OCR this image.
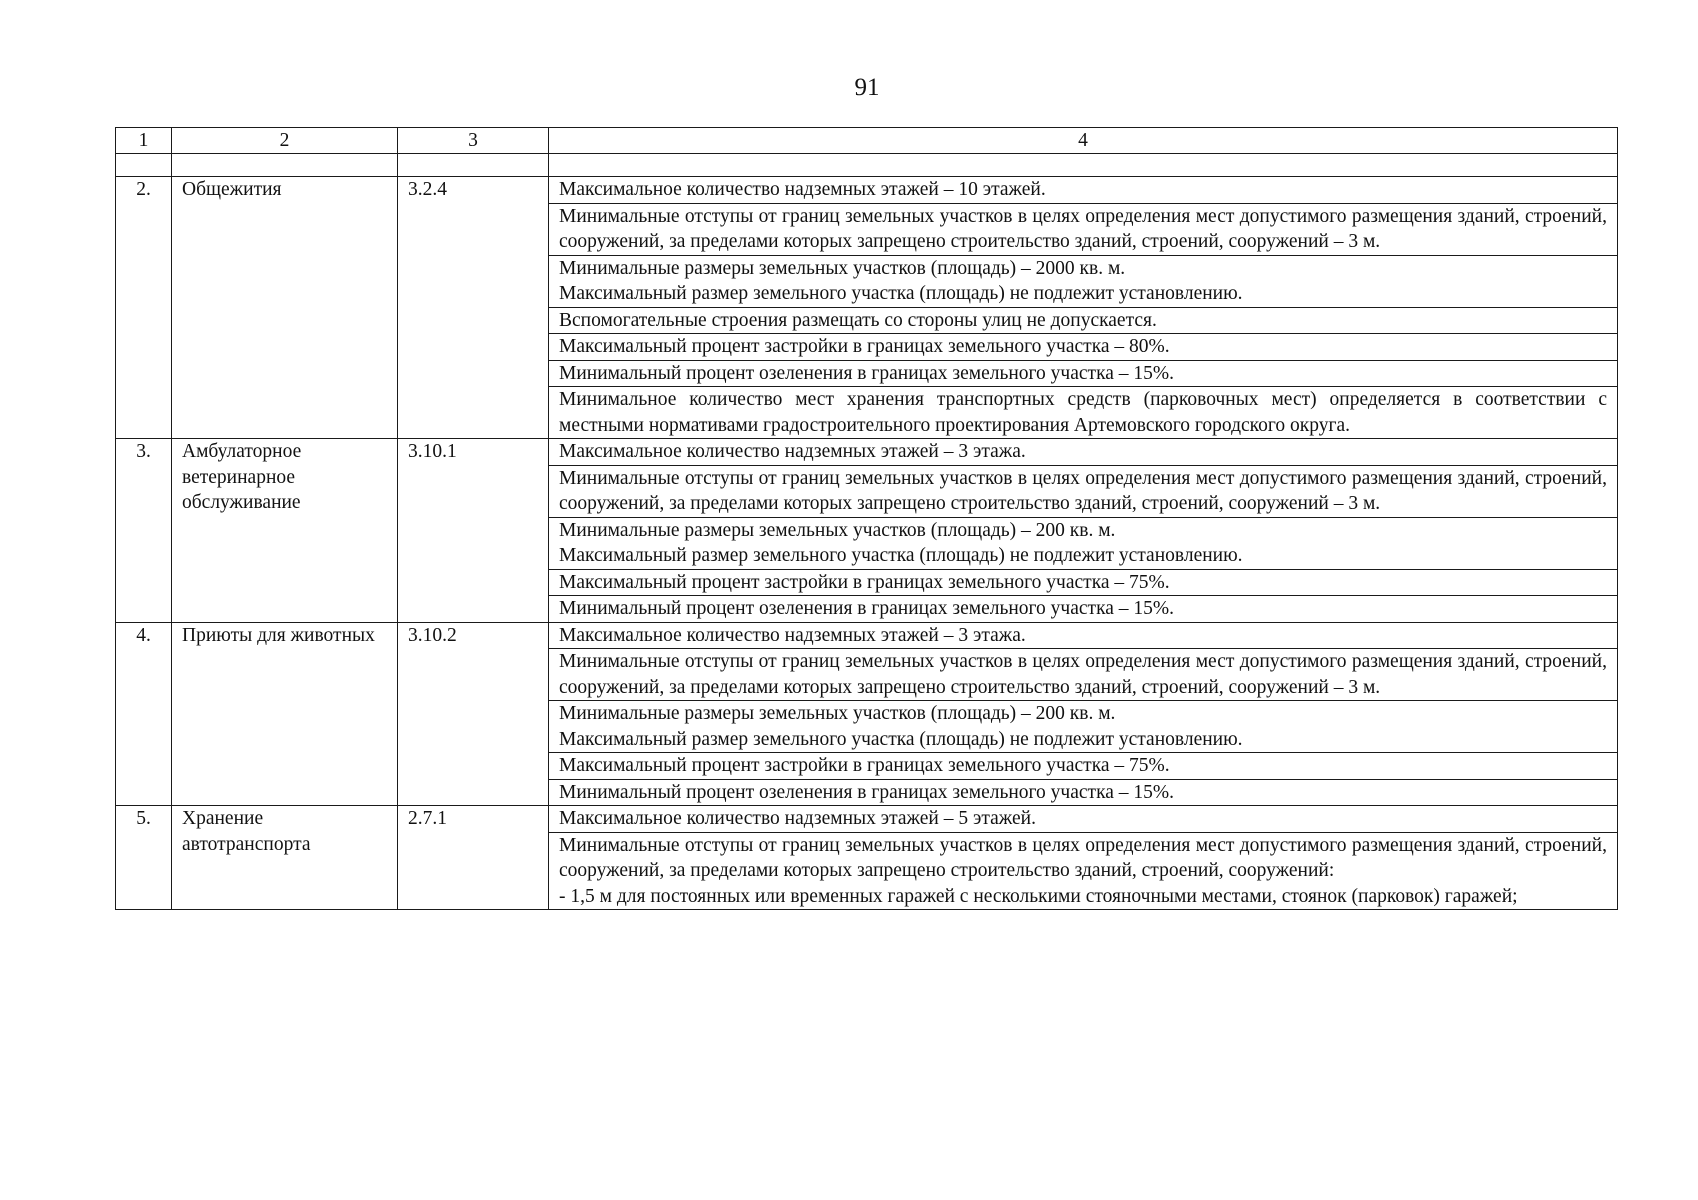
91
1	2	3	4

2.	Общежития	3.2.4	Максимальное количество надземных этажей – 10 этажей.

			Минимальные отступы от границ земельных участков в целях определения мест допустимого размещения зданий, строений, сооружений, за пределами которых запрещено строительство зданий, строений, сооружений – 3 м.

			Минимальные размеры земельных участков (площадь) – 2000 кв. м.
Максимальный размер земельного участка (площадь) не подлежит установлению.

			Вспомогательные строения размещать со стороны улиц не допускается.

			Максимальный процент застройки в границах земельного участка – 80%.

			Минимальный процент озеленения в границах земельного участка – 15%.

			Минимальное количество мест хранения транспортных средств (парковочных мест) определяется в соответствии с местными нормативами градостроительного проектирования Артемовского городского округа.

3.	Амбулаторное ветеринарное обслуживание	3.10.1	Максимальное количество надземных этажей – 3 этажа.

			Минимальные отступы от границ земельных участков в целях определения мест допустимого размещения зданий, строений, сооружений, за пределами которых запрещено строительство зданий, строений, сооружений – 3 м.

			Минимальные размеры земельных участков (площадь) – 200 кв. м.
Максимальный размер земельного участка (площадь) не подлежит установлению.

			Максимальный процент застройки в границах земельного участка – 75%.

			Минимальный процент озеленения в границах земельного участка – 15%.

4.	Приюты для животных	3.10.2	Максимальное количество надземных этажей – 3 этажа.

			Минимальные отступы от границ земельных участков в целях определения мест допустимого размещения зданий, строений, сооружений, за пределами которых запрещено строительство зданий, строений, сооружений – 3 м.

			Минимальные размеры земельных участков (площадь) – 200 кв. м.
Максимальный размер земельного участка (площадь) не подлежит установлению.

			Максимальный процент застройки в границах земельного участка – 75%.

			Минимальный процент озеленения в границах земельного участка – 15%.

5.	Хранение автотранспорта	2.7.1	Максимальное количество надземных этажей – 5 этажей.

			Минимальные отступы от границ земельных участков в целях определения мест допустимого размещения зданий, строений, сооружений, за пределами которых запрещено строительство зданий, строений, сооружений:
- 1,5 м для постоянных или временных гаражей с несколькими стояночными местами, стоянок (парковок) гаражей;
